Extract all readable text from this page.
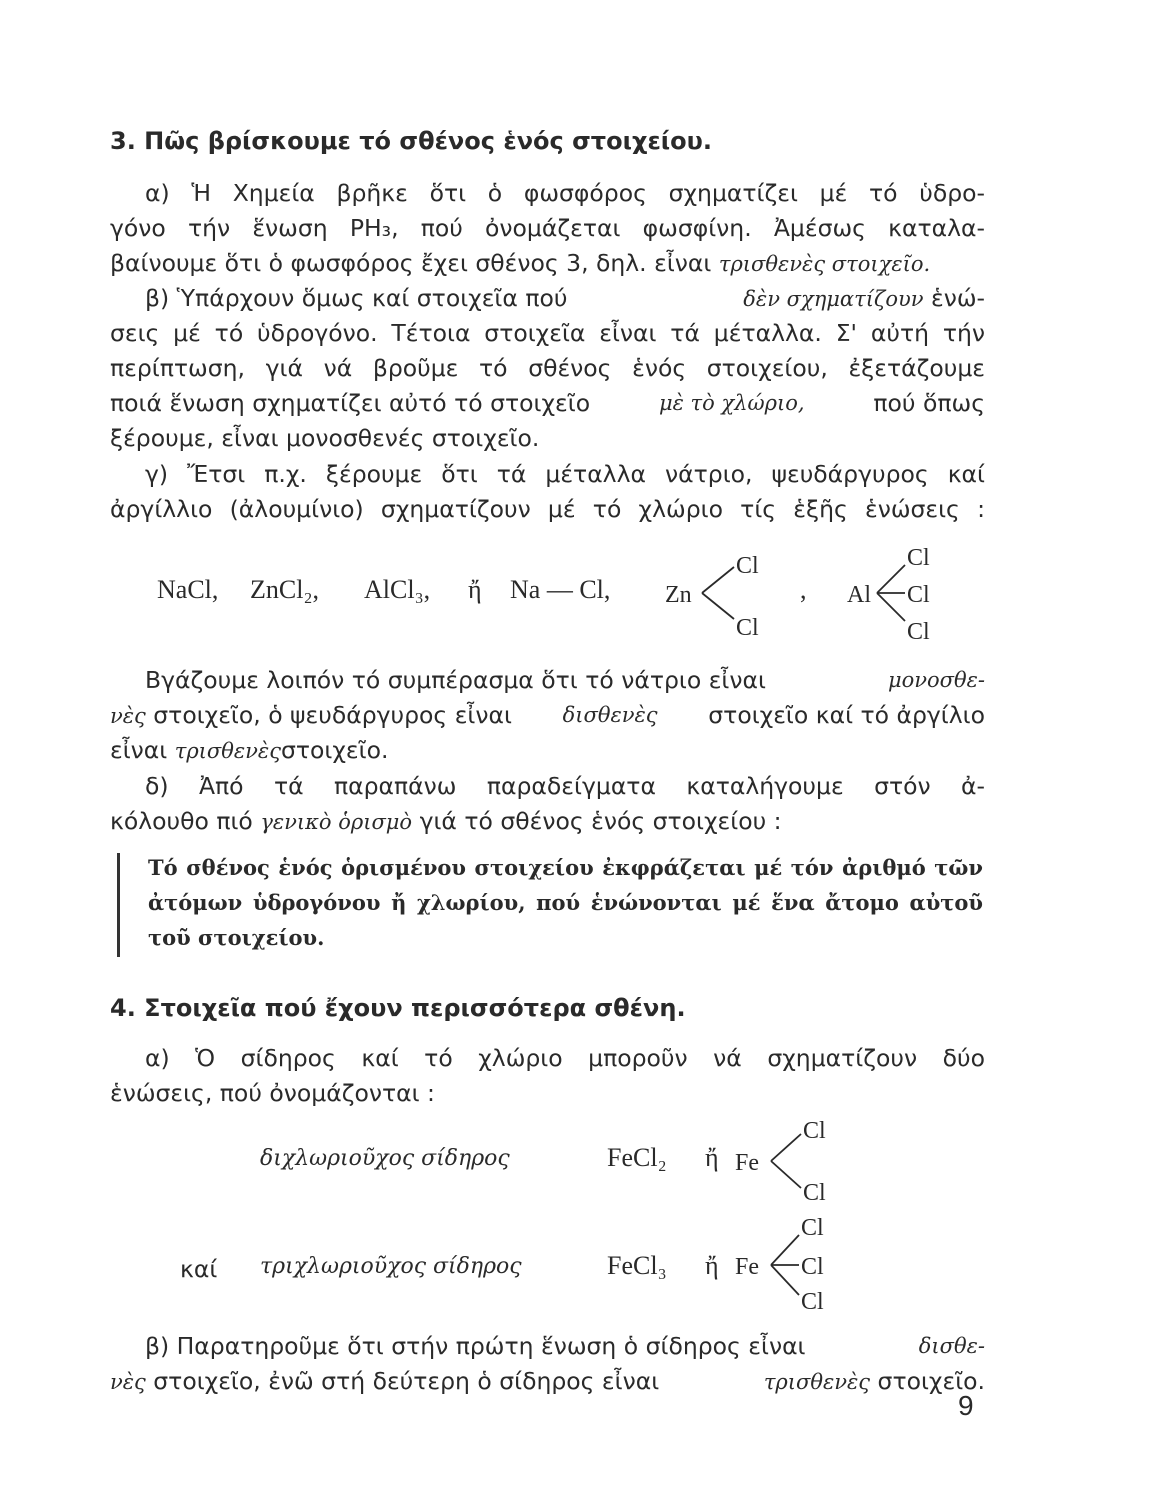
3. Πῶς βρίσκουμε τό σθένος ἑνός στοιχείου.
α) Ἡ Χημεία βρῆκε ὅτι ὁ φωσφόρος σχηματίζει μέ τό ὑδρο-
γόνο τήν ἕνωση PH₃, πού ὀνομάζεται φωσφίνη. Ἀμέσως καταλα-
βαίνουμε ὅτι ὁ φωσφόρος ἔχει σθένος 3, δηλ. εἶναι τρισθενὲς στοιχεῖο.
β) Ὑπάρχουν ὅμως καί στοιχεῖα πού	δὲν σχηματίζουν ἑνώ-
σεις μέ τό ὑδρογόνο. Τέτοια στοιχεῖα εἶναι τά μέταλλα. Σ' αὐτή τήν
περίπτωση, γιά νά βροῦμε τό σθένος ἑνός στοιχείου, ἐξετάζουμε
ποιά ἕνωση σχηματίζει αὐτό τό στοιχεῖο	μὲ τὸ χλώριο,	πού ὅπως
ξέρουμε, εἶναι μονοσθενές στοιχεῖο.
γ) Ἔτσι π.χ. ξέρουμε ὅτι τά μέταλλα νάτριο, ψευδάργυρος καί
ἀργίλλιο (ἀλουμίνιο) σχηματίζουν μέ τό χλώριο τίς ἑξῆς ἑνώσεις :
NaCl, ZnCl₂, AlCl₃, ἤ Na — Cl, Zn
Cl
Cl
, Al
Cl
Cl
Cl
Βγάζουμε λοιπόν τό συμπέρασμα ὅτι τό νάτριο εἶναι	μονοσθε-
νὲς στοιχεῖο, ὁ ψευδάργυρος εἶναι δισθενὲς στοιχεῖο καί τό ἀργίλιο
εἶναι τρισθενὲςστοιχεῖο.
δ) Ἀπό τά παραπάνω παραδείγματα καταλήγουμε στόν ἀ-
κόλουθο πιό γενικὸ ὁρισμὸ γιά τό σθένος ἑνός στοιχείου :
Τό σθένος ἑνός ὁρισμένου στοιχείου ἐκφράζεται μέ τόν ἀριθμό τῶν
ἀτόμων ὑδρογόνου ἤ χλωρίου, πού ἑνώνονται μέ ἕνα ἄτομο αὐτοῦ
τοῦ στοιχείου.
4. Στοιχεῖα πού ἔχουν περισσότερα σθένη.
α) Ὁ σίδηρος καί τό χλώριο μποροῦν νά σχηματίζουν δύο
ἑνώσεις, πού ὀνομάζονται :
διχλωριοῦχος σίδηρος	FeCl₂ ἤ Fe
Cl
Cl
καί τριχλωριοῦχος σίδηρος	FeCl₃ ἤ Fe
Cl
Cl
Cl
β) Παρατηροῦμε ὅτι στήν πρώτη ἕνωση ὁ σίδηρος εἶναι	δισθε-
νὲς στοιχεῖο, ἐνῶ στή δεύτερη ὁ σίδηρος εἶναι	τρισθενὲς στοιχεῖο.
9
